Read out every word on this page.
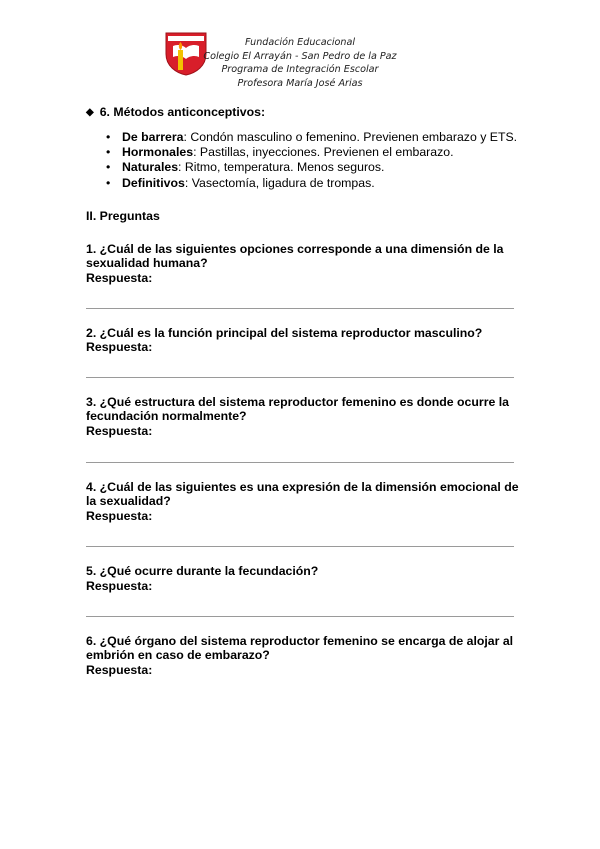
Fundación Educacional
Colegio El Arrayán - San Pedro de la Paz
Programa de Integración Escolar
Profesora María José Arias
◆ 6. Métodos anticonceptivos:
• De barrera: Condón masculino o femenino. Previenen embarazo y ETS.
• Hormonales: Pastillas, inyecciones. Previenen el embarazo.
• Naturales: Ritmo, temperatura. Menos seguros.
• Definitivos: Vasectomía, ligadura de trompas.
II. Preguntas
1. ¿Cuál de las siguientes opciones corresponde a una dimensión de la
sexualidad humana?
Respuesta:
2. ¿Cuál es la función principal del sistema reproductor masculino?
Respuesta:
3. ¿Qué estructura del sistema reproductor femenino es donde ocurre la
fecundación normalmente?
Respuesta:
4. ¿Cuál de las siguientes es una expresión de la dimensión emocional de
la sexualidad?
Respuesta:
5. ¿Qué ocurre durante la fecundación?
Respuesta:
6. ¿Qué órgano del sistema reproductor femenino se encarga de alojar al
embrión en caso de embarazo?
Respuesta:
